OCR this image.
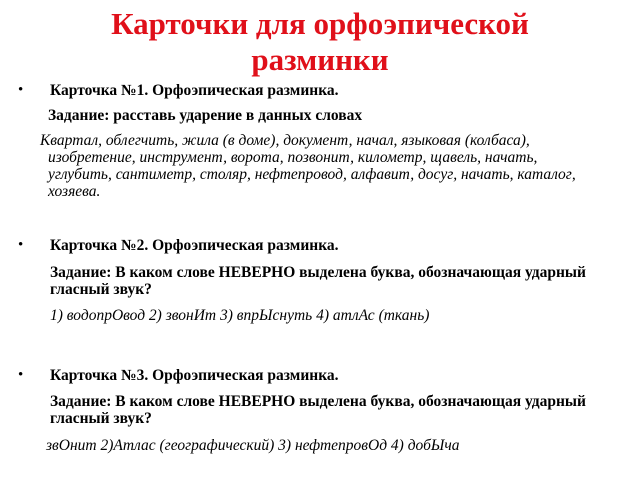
Карточки для орфоэпической
разминки
• Карточка №1. Орфоэпическая разминка.
Задание: расставь ударение в данных словах
Квартал, облегчить, жила (в доме), документ, начал, языковая (колбаса),
изобретение, инструмент, ворота, позвонит, километр, щавель, начать,
углубить, сантиметр, столяр, нефтепровод, алфавит, досуг, начать, каталог,
хозяева.
• Карточка №2. Орфоэпическая разминка.
Задание: В каком слове НЕВЕРНО выделена буква, обозначающая ударный
гласный звук?
1) водопрОвод 2) звонИт 3) впрЫснуть 4) атлАс (ткань)
• Карточка №3. Орфоэпическая разминка.
Задание: В каком слове НЕВЕРНО выделена буква, обозначающая ударный
гласный звук?
звОнит 2)Атлас (географический) 3) нефтепровОд 4) добЫча
